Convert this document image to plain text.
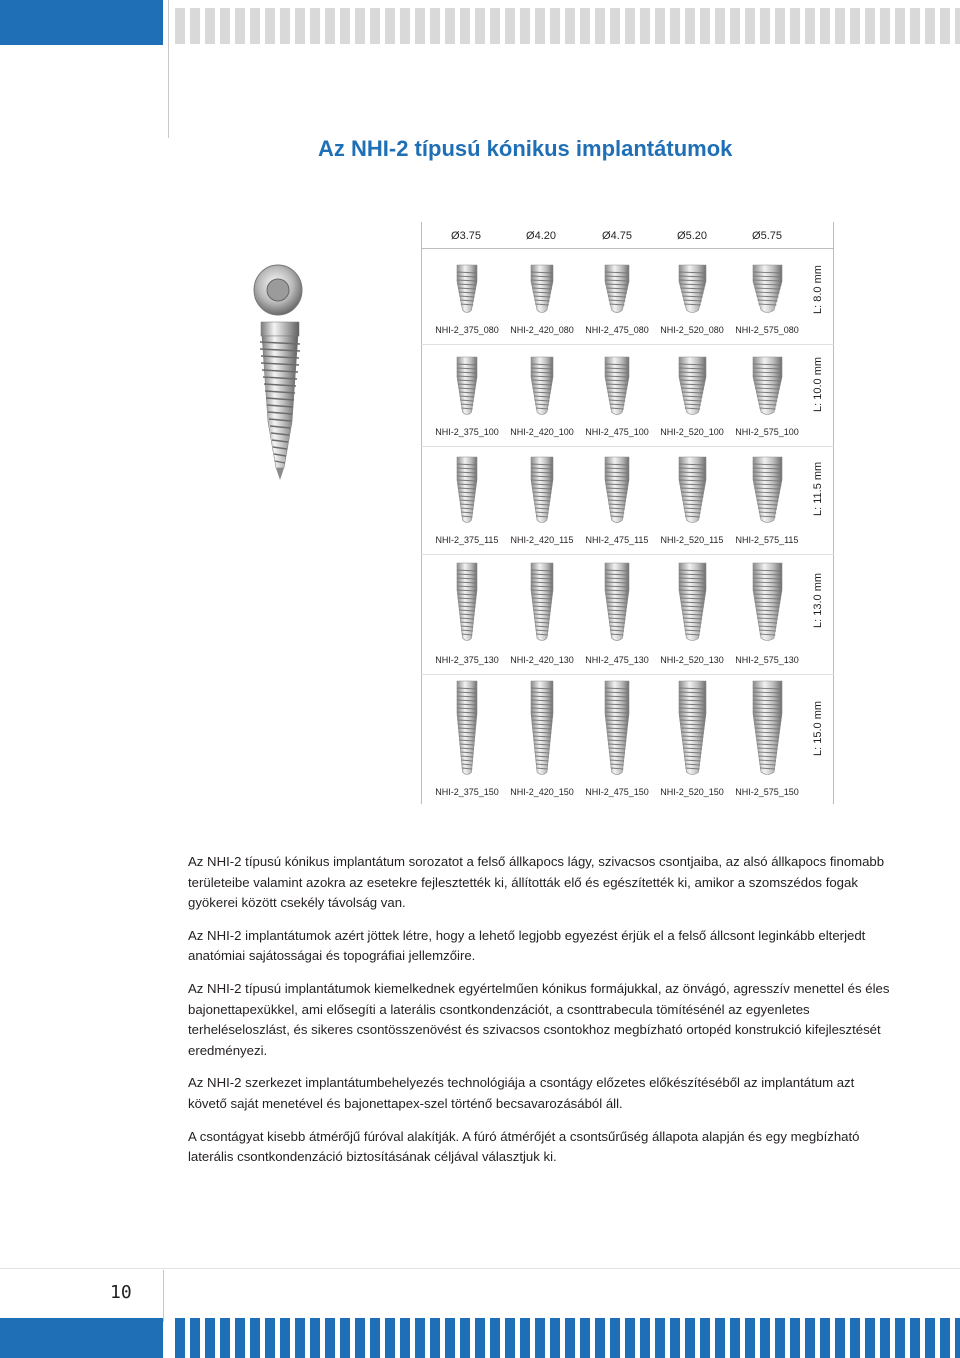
Az NHI-2 típusú kónikus implantátumok
Ø3.75	Ø4.20	Ø4.75	Ø5.20	Ø5.75
L: 8.0 mm
L: 10.0 mm
L: 11.5 mm
L: 13.0 mm
L: 15.0 mm
NHI-2_375_080	NHI-2_420_080	NHI-2_475_080	NHI-2_520_080	NHI-2_575_080
NHI-2_375_100	NHI-2_420_100	NHI-2_475_100	NHI-2_520_100	NHI-2_575_100
NHI-2_375_115	NHI-2_420_115	NHI-2_475_115	NHI-2_520_115	NHI-2_575_115
NHI-2_375_130	NHI-2_420_130	NHI-2_475_130	NHI-2_520_130	NHI-2_575_130
NHI-2_375_150	NHI-2_420_150	NHI-2_475_150	NHI-2_520_150	NHI-2_575_150

Az NHI-2 típusú kónikus implantátum sorozatot a felső állkapocs lágy, szivacsos csontjaiba, az alsó állkapocs finomabb területeibe valamint azokra az esetekre fejlesztették ki, állították elő és egészítették ki, amikor a szomszédos fogak gyökerei között csekély távolság van.

Az NHI-2 implantátumok azért jöttek létre, hogy a lehető legjobb egyezést érjük el a felső állcsont leginkább elterjedt anatómiai sajátosságai és topográfiai jellemzőire.

Az NHI-2 típusú implantátumok kiemelkednek egyértelműen kónikus formájukkal, az önvágó, agresszív menettel és éles bajonettapexükkel, ami elősegíti a laterális csontkondenzációt, a csonttrabecula tömítésénél az egyenletes terheléseloszlást, és sikeres csontösszenövést és szivacsos csontokhoz megbízható ortopéd konstrukció kifejlesztését eredményezi.

Az NHI-2 szerkezet implantátumbehelyezés technológiája a csontágy előzetes előkészítéséből az implantátum azt követő saját menetével és bajonettapex-szel történő becsavarozásából áll.

A csontágyat kisebb átmérőjű fúróval alakítják. A fúró átmérőjét a csontsűrűség állapota alapján és egy megbízható laterális csontkondenzáció biztosításának céljával választjuk ki.

10
